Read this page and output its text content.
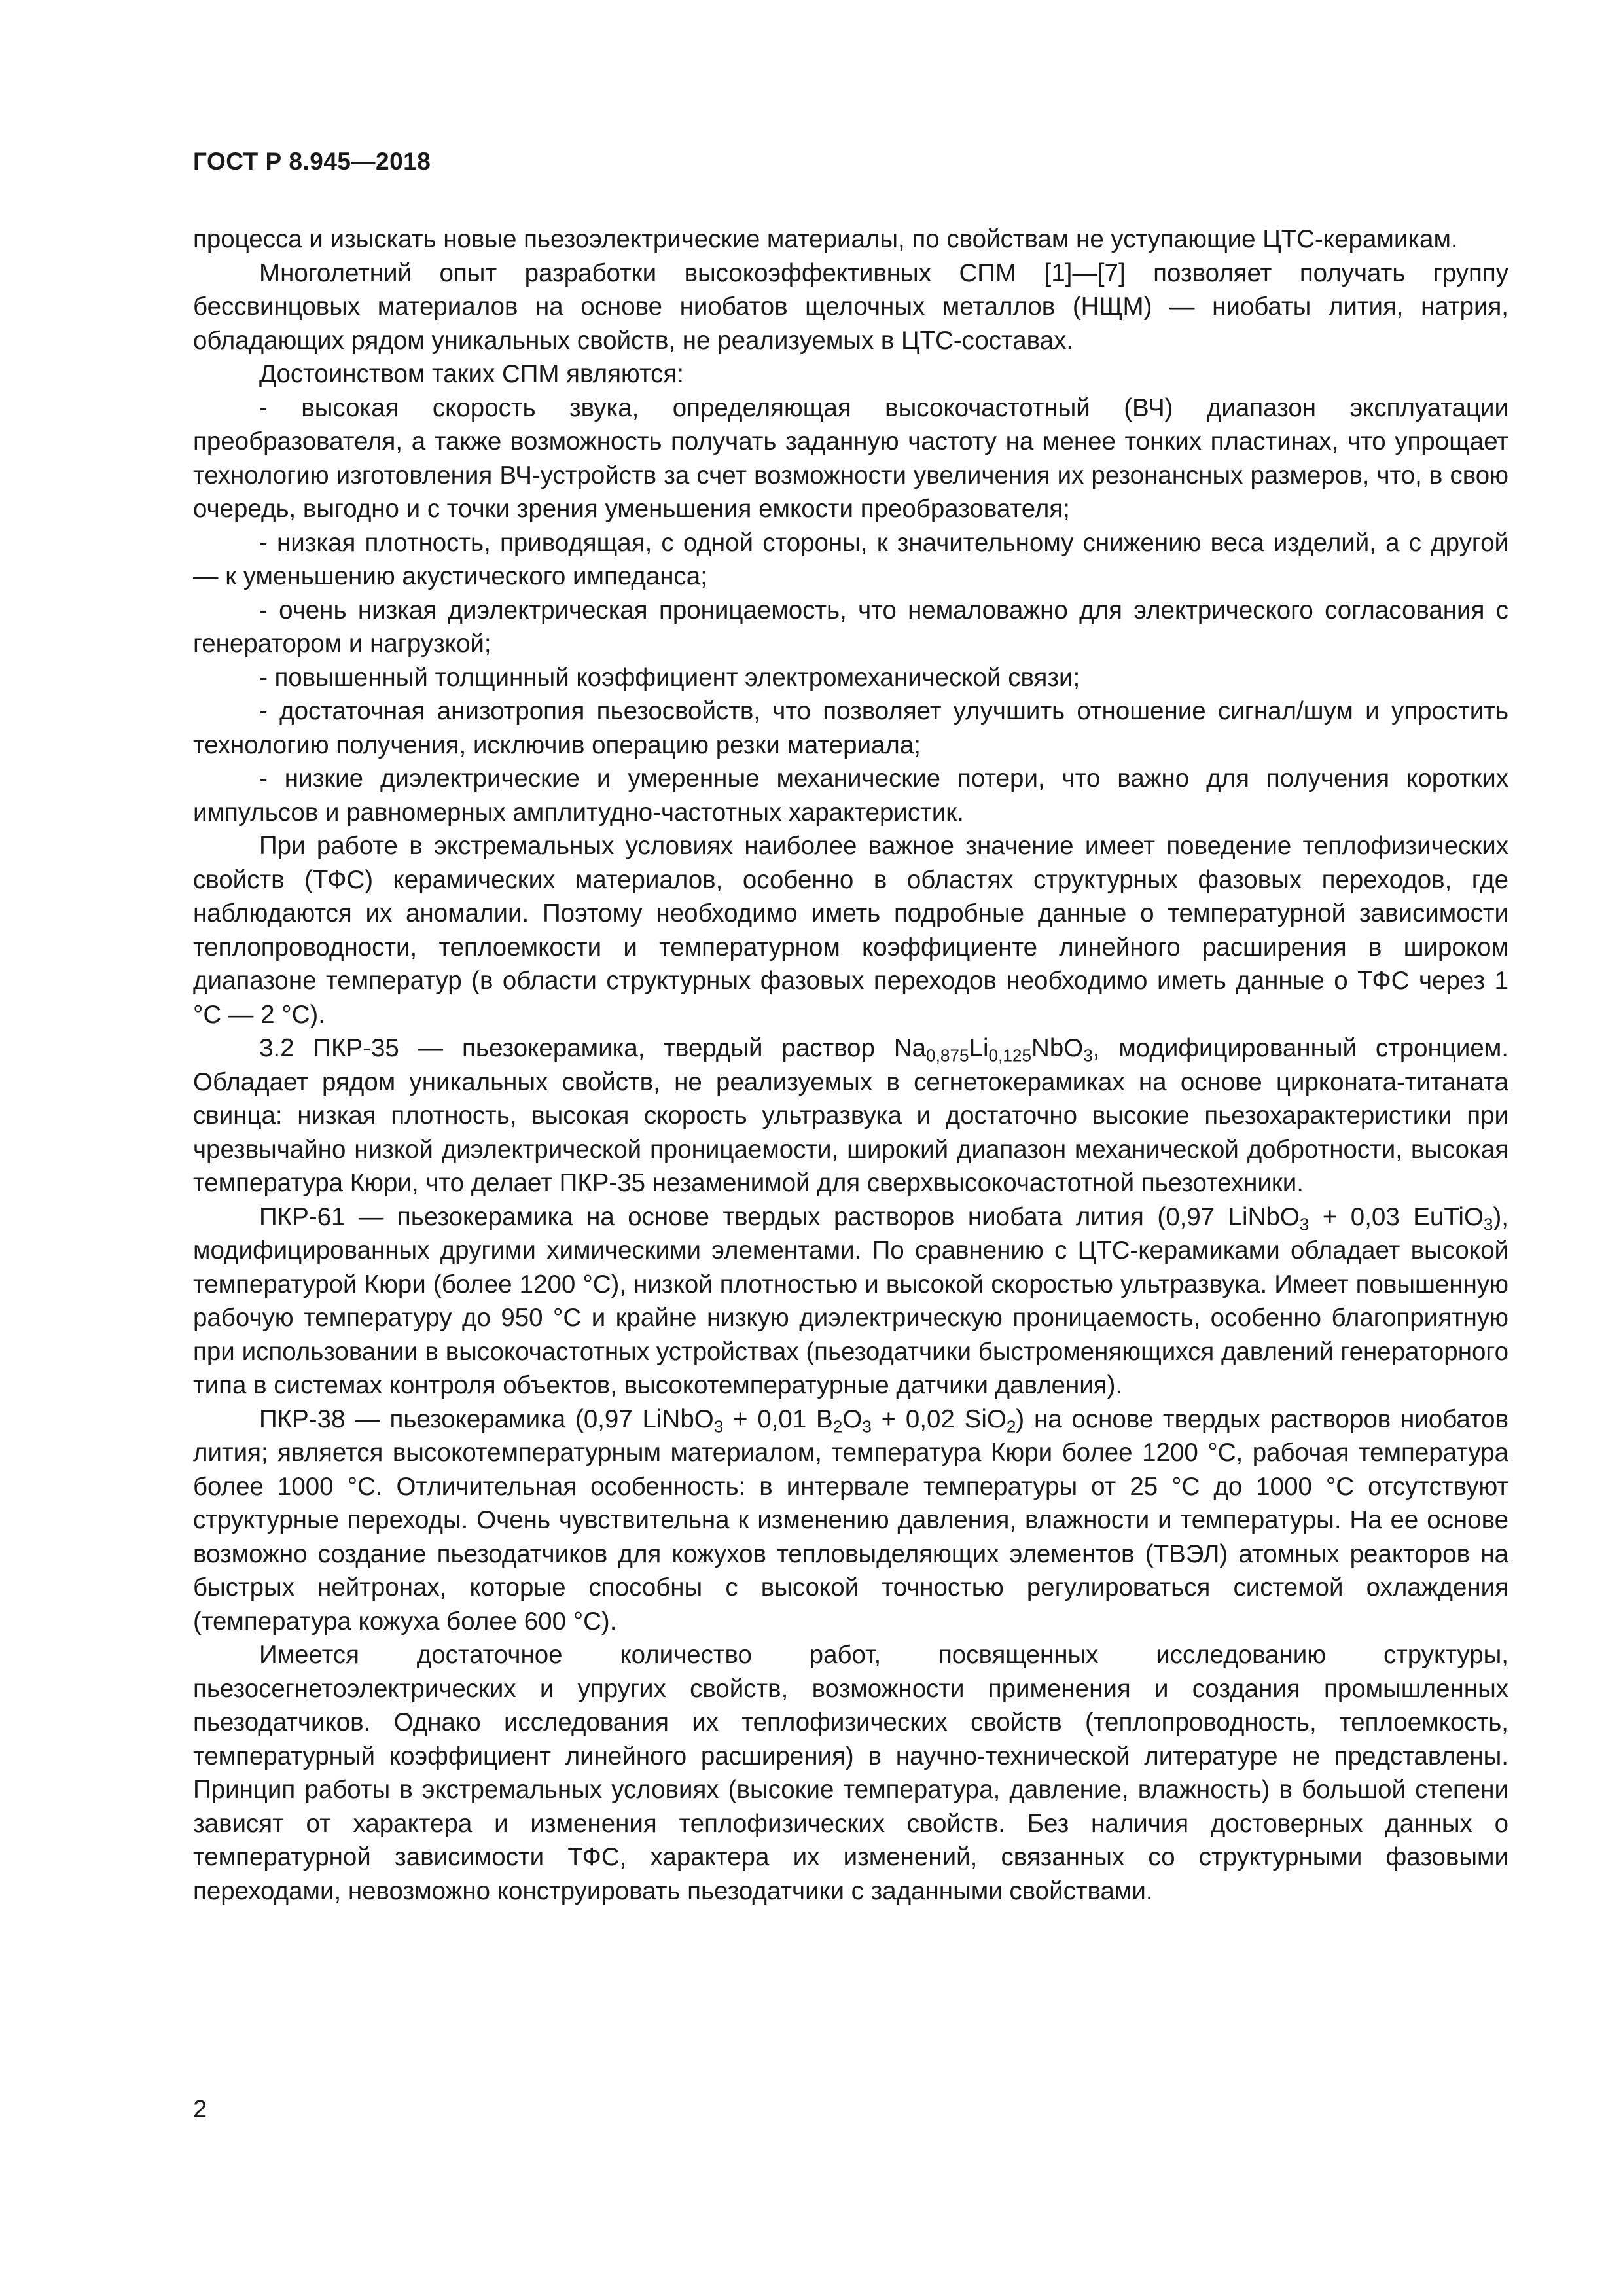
ГОСТ Р 8.945—2018

процесса и изыскать новые пьезоэлектрические материалы, по свойствам не уступающие ЦТС-керамикам.

Многолетний опыт разработки высокоэффективных СПМ [1]—[7] позволяет получать группу бессвинцовых материалов на основе ниобатов щелочных металлов (НЩМ) — ниобаты лития, натрия, обладающих рядом уникальных свойств, не реализуемых в ЦТС-составах.

Достоинством таких СПМ являются:

- высокая скорость звука, определяющая высокочастотный (ВЧ) диапазон эксплуатации преобразователя, а также возможность получать заданную частоту на менее тонких пластинах, что упрощает технологию изготовления ВЧ-устройств за счет возможности увеличения их резонансных размеров, что, в свою очередь, выгодно и с точки зрения уменьшения емкости преобразователя;

- низкая плотность, приводящая, с одной стороны, к значительному снижению веса изделий, а с другой — к уменьшению акустического импеданса;

- очень низкая диэлектрическая проницаемость, что немаловажно для электрического согласования с генератором и нагрузкой;

- повышенный толщинный коэффициент электромеханической связи;

- достаточная анизотропия пьезосвойств, что позволяет улучшить отношение сигнал/шум и упростить технологию получения, исключив операцию резки материала;

- низкие диэлектрические и умеренные механические потери, что важно для получения коротких импульсов и равномерных амплитудно-частотных характеристик.

При работе в экстремальных условиях наиболее важное значение имеет поведение теплофизических свойств (ТФС) керамических материалов, особенно в областях структурных фазовых переходов, где наблюдаются их аномалии. Поэтому необходимо иметь подробные данные о температурной зависимости теплопроводности, теплоемкости и температурном коэффициенте линейного расширения в широком диапазоне температур (в области структурных фазовых переходов необходимо иметь данные о ТФС через 1 °С — 2 °С).

3.2 ПКР-35 — пьезокерамика, твердый раствор $Na_{0,875}Li_{0,125}NbO_3$, модифицированный стронцием. Обладает рядом уникальных свойств, не реализуемых в сегнетокерамиках на основе цирконата-титаната свинца: низкая плотность, высокая скорость ультразвука и достаточно высокие пьезохарактеристики при чрезвычайно низкой диэлектрической проницаемости, широкий диапазон механической добротности, высокая температура Кюри, что делает ПКР-35 незаменимой для сверхвысокочастотной пьезотехники.

ПКР-61 — пьезокерамика на основе твердых растворов ниобата лития (0,97 LiNbO$_3$ + 0,03 EuTiO$_3$), модифицированных другими химическими элементами. По сравнению с ЦТС-керамиками обладает высокой температурой Кюри (более 1200 °С), низкой плотностью и высокой скоростью ультразвука. Имеет повышенную рабочую температуру до 950 °С и крайне низкую диэлектрическую проницаемость, особенно благоприятную при использовании в высокочастотных устройствах (пьезодатчики быстроменяющихся давлений генераторного типа в системах контроля объектов, высокотемпературные датчики давления).

ПКР-38 — пьезокерамика (0,97 LiNbO$_3$ + 0,01 $B_2O_3 + 0,02$ SiO$_2$) на основе твердых растворов ниобатов лития; является высокотемпературным материалом, температура Кюри более 1200 °С, рабочая температура более 1000 °С. Отличительная особенность: в интервале температуры от 25 °С до 1000 °С отсутствуют структурные переходы. Очень чувствительна к изменению давления, влажности и температуры. На ее основе возможно создание пьезодатчиков для кожухов тепловыделяющих элементов (ТВЭЛ) атомных реакторов на быстрых нейтронах, которые способны с высокой точностью регулироваться системой охлаждения (температура кожуха более 600 °С).

Имеется достаточное количество работ, посвященных исследованию структуры, пьезосегнетоэлектрических и упругих свойств, возможности применения и создания промышленных пьезодатчиков. Однако исследования их теплофизических свойств (теплопроводность, теплоемкость, температурный коэффициент линейного расширения) в научно-технической литературе не представлены. Принцип работы в экстремальных условиях (высокие температура, давление, влажность) в большой степени зависят от характера и изменения теплофизических свойств. Без наличия достоверных данных о температурной зависимости ТФС, характера их изменений, связанных со структурными фазовыми переходами, невозможно конструировать пьезодатчики с заданными свойствами.

2
